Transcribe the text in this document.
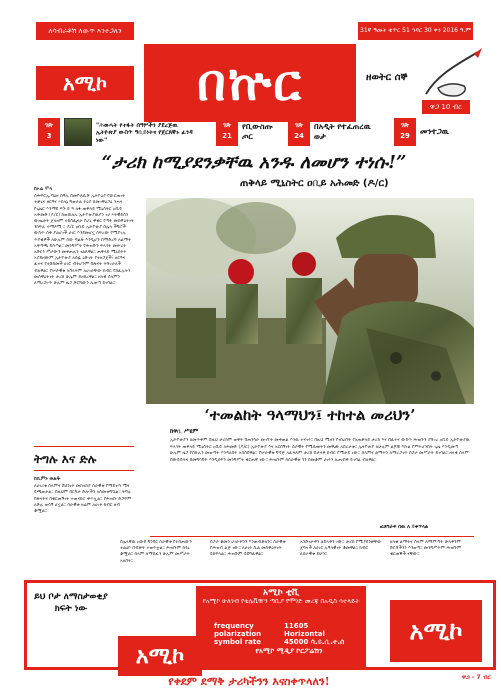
ለሳብራቶሽ ለውጥ እንተጋለን
አሚኮ	በኵር
31ኛ ዓመት ቁጥር 51 ኅዳር 30 ቀን 2016 ዓ.ም
ዘወትር ሰኞ
ዋጋ 10 ብር
ገጽ
3
"ሕወሓት የተፋት ሰዓሦችን ያደረጅዉ ኢትዮጵያ ውስጥ ዓቢይነትና የጀርጸኞኑ ፈንዳ ነው"
ገጽ
21
የቢውስጡ ጦር
ገጽ
24
በአዲት የተፈጠረዉ ወታ
ገጽ
29	መንተጋዉ
“ታሪክ ከሚያደንቃቸዉ አንዱ ለመሆን ተነሱ!”
ጠቅላይ ሚኒስትር ዐቢይ አሕመድ (ዶ/ር)
ከኦሬ ሞላ
ሰሐፍርኢ ግዕዛ በዓሉ በመዮጸሲድ ኢትዮዕያ የውርጠነት ተቃኑና ዘርዓና ኣስላኔ ግወራል ትዕያ ከመገዋዕጋዕ ንሓና የጊዜር እንማዩ ፍጉ ይ ዓ ለፋ ጠቅላይ ሚኒስትር ዐቢይ አሕመድ (ዶ/ር) ከወዉለኡ ኢትዮጵያዉያን ገሀ ኣትዊይሰን ውጤታት ጀላዛም ተከስፌናታ የሆኑ ዋቂር የጣፉ መስዋዕትነት ንክፍሉ ተማጾሚ ፡፡ ዶ/ር ዐቢይ ኢትዮጵያ በሌላ ችግሮች ውስጥ ሰቅ ያልሆነች ሀገር እንደመሆኗ ሰፍረው የሚያገሉ ጥያቄዎች ለሁሉም ሰው ግልጽ እንዲሆን በማድረግ ለልማት አቅጣጫ ይሰጣል። መንግሥት የሕዝቡን ፍላጎት መሠረት አድርጎ ሥራውን መቀጠሉን ገልጸዋል። ጠቅላይ ሚኒስትሩ አያይዘውም ኢትዮጵያ ለሰፊ ዕድገት የተዘጋጀች፣ ዘርዓና ፈተና የተሸከመች ሀገር ብትሆንም በጽናት ትሻገራለች ብለዋል። የሠራዊቱ አባላትም ለሀገራቸው ክብር የከፈሉትን መስዋዕትነት ታሪክ ሁሌም ይዘክረዋል። ዘላቂ ሰላምን ለማረጋገጥ ሁሉም ዜጋ ድርሻውን ሊወጣ ይገባል።
‘ተመልከት ዓላማህን፤ ተከተል መሪህን’
ከዋቢ ሥዩም
ኢትዮጵያን ለመጥቀም በዚህ ታሪክም ወቅት በጠንካራ መገኘት መቀጠል እንዉ ተናገሩ። በዚህ ሚዛን የነበረበት የአጠቃላይ ታሪክ እና በፈተና ውስጥ ሕዝቡን ያሻገረ ዐቢይ ኢትዮጵያዉ ፍላጎት ጠቅላይ ሚኒስትር ዐቢይ አሕመድ (ዶ/ር) ኢትዮጵያ እና አርበኝነት ሰራዊት የሚሰጡትን መዋጮ አበረታቱ። ኢትዮጵያ ለሁሉም ልጆቿ እኩል የምትሆንበት ጊዜ እንዲመጣ ሁሉም ዜጋ የበኩሉን መወጣት እንዳለበት አሳስበዋል። የሠራዊቱ ግዳጅ አፈጻጸም ታሪክ በታላቅ ክብር የሚታይ ነው። ሰላምና ልማትን ለማረጋገጥ በጋራ መሥራት ይገባል። ዘላቂ ሰላም በውይይትና በመግባባት እንዲሰፍን መንግሥት ቁርጠኛ ነው። ሕዝቡም ከሰራዊቱ ጎን በመቆም ሀገሩን ሊጠብቅ ይገባል ብለዋል።
ፎቶግራፍ በዉ ለ ይቀጥላል
ትግሉ እና ድሉ
ከቢምኑ ወልዱ
ለሀገሪቱ ሰላምና ደህንነት መከላከያ ሰራዊቱ የማይተካ ሚና ይጫወታል። በዚህም በርካታ ድሎችን አስመዝግቧል። ትግሉ በጽናትና በቁርጠኝነት ተጠናክሮ ቀጥሏል። የሕዝቡ ድጋፍም ለድሉ ወሳኝ ሆኗል። ሰራዊቱ ዛሬም ለሀገሩ ክብር ዘብ ቆሟል።
በሌላኛዉ ዐውደ ግንባር ሰራዊቱ የተሰጠውን ተልዕኮ በብቃት ተወጥቷል። ሕዝቡም ከጎኑ ቆሟል። ሰላም ለማስፈን ሁሉም መሥራት አለበት።
በጋራ ቆመን ሀገራችንን እንጠብቃለን። ሰራዊቱ የሕዝብ ልጅ ነው። ለሀገሩ ሲል መስዋዕትነት ይከፍላል። ሕዝቡም ይደግፈዋል።
አንድነታችን ኃይላችን ነው። ታሪክ የሚያደንቃቸው ጀግኖች ለሀገር ሉዓላዊነት ቆመዋል። ክብር ለሰራዊቱ ይሁን።
ዘላቂ ልማትና ሰላም ለማምጣት ሁላችንም ድርሻችንን እንወጣ። መንግሥትም ሕዝቡም ቁርጠኞች ናቸው።
ይህ ቦታ ለማስታወቂያ ክፍት ነው
አሚኮ
አሚኮ
አሚኮ ቲቪ
የአሚኮ ሁለገብ የቴሌቪዥን ጣቢያ የሞገድ መረጃ በአዲስ ሳተላይት
frequency	11605
polarization	Horizontal
symbol rate	45000 ሳ.ይ.ሲ.ተ.ሰ
የአሚኮ ሚዲያ ኮርፖሬሽን
የቀደም ደማቅ ታሪካችንን እናስቀጥላለን!	ዋጋ - 7 ብር
